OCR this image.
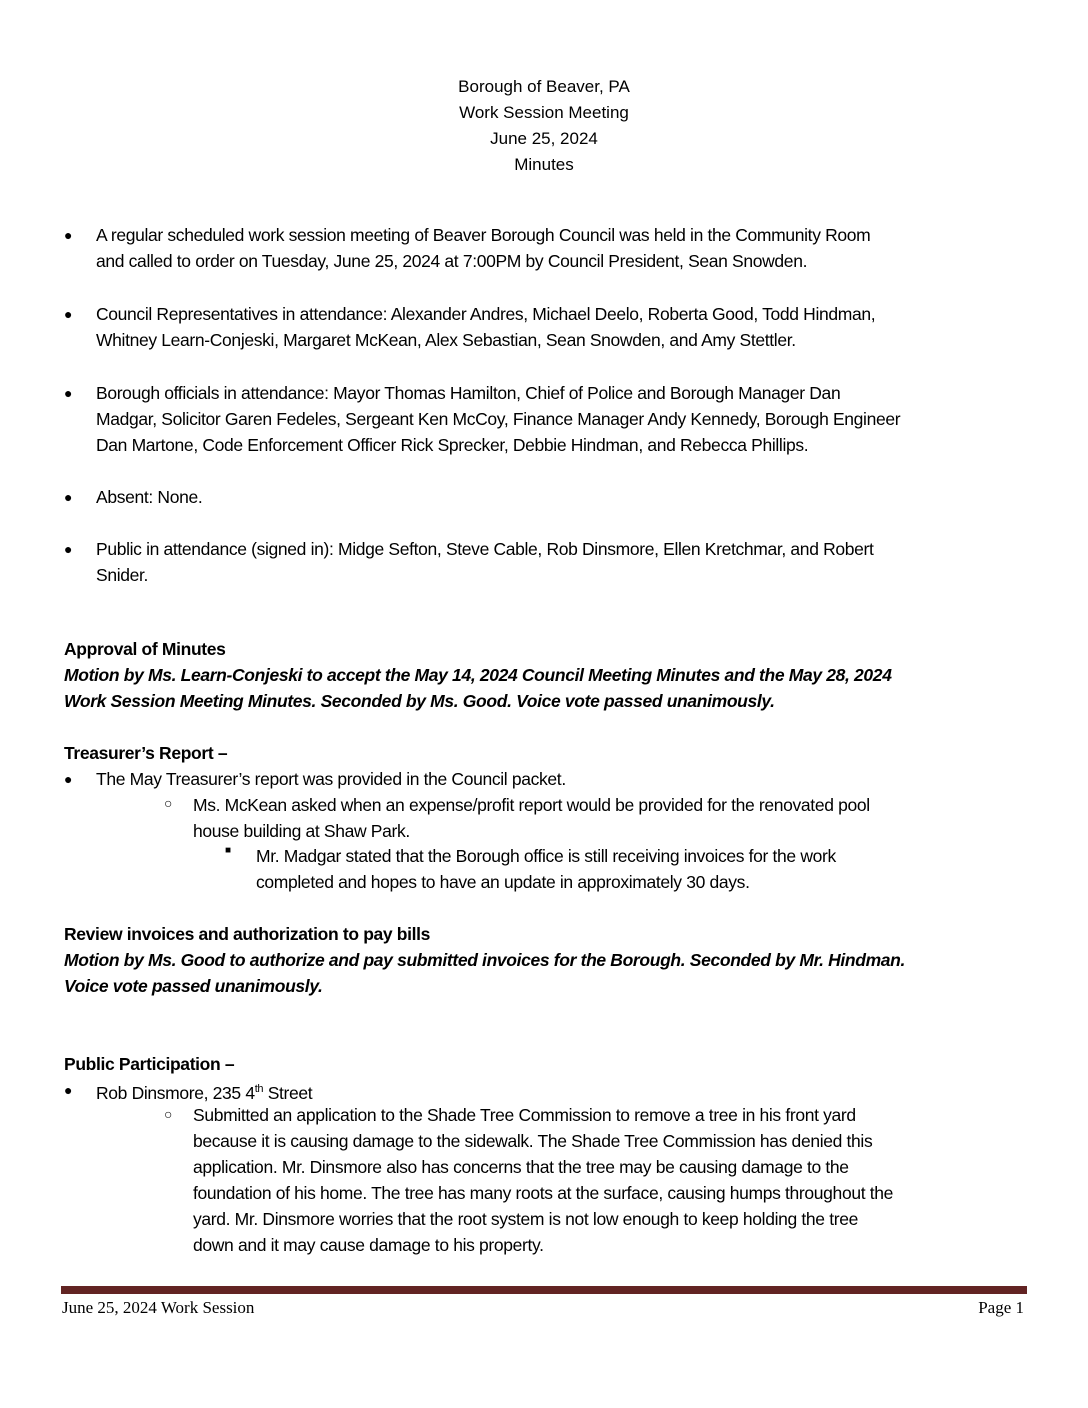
Borough of Beaver, PA
Work Session Meeting
June 25, 2024
Minutes
● A regular scheduled work session meeting of Beaver Borough Council was held in the Community Room
and called to order on Tuesday, June 25, 2024 at 7:00PM by Council President, Sean Snowden.
● Council Representatives in attendance: Alexander Andres, Michael Deelo, Roberta Good, Todd Hindman,
Whitney Learn-Conjeski, Margaret McKean, Alex Sebastian, Sean Snowden, and Amy Stettler.
● Borough officials in attendance: Mayor Thomas Hamilton, Chief of Police and Borough Manager Dan
Madgar, Solicitor Garen Fedeles, Sergeant Ken McCoy, Finance Manager Andy Kennedy, Borough Engineer
Dan Martone, Code Enforcement Officer Rick Sprecker, Debbie Hindman, and Rebecca Phillips.
● Absent: None.
● Public in attendance (signed in): Midge Sefton, Steve Cable, Rob Dinsmore, Ellen Kretchmar, and Robert
Snider.
Approval of Minutes
Motion by Ms. Learn-Conjeski to accept the May 14, 2024 Council Meeting Minutes and the May 28, 2024
Work Session Meeting Minutes. Seconded by Ms. Good. Voice vote passed unanimously.
Treasurer’s Report –
● The May Treasurer’s report was provided in the Council packet.
○ Ms. McKean asked when an expense/profit report would be provided for the renovated pool
house building at Shaw Park.
■ Mr. Madgar stated that the Borough office is still receiving invoices for the work
completed and hopes to have an update in approximately 30 days.
Review invoices and authorization to pay bills
Motion by Ms. Good to authorize and pay submitted invoices for the Borough. Seconded by Mr. Hindman.
Voice vote passed unanimously.
Public Participation –
● Rob Dinsmore, 235 4th Street
○ Submitted an application to the Shade Tree Commission to remove a tree in his front yard
because it is causing damage to the sidewalk. The Shade Tree Commission has denied this
application. Mr. Dinsmore also has concerns that the tree may be causing damage to the
foundation of his home. The tree has many roots at the surface, causing humps throughout the
yard. Mr. Dinsmore worries that the root system is not low enough to keep holding the tree
down and it may cause damage to his property.
June 25, 2024 Work Session	Page 1
